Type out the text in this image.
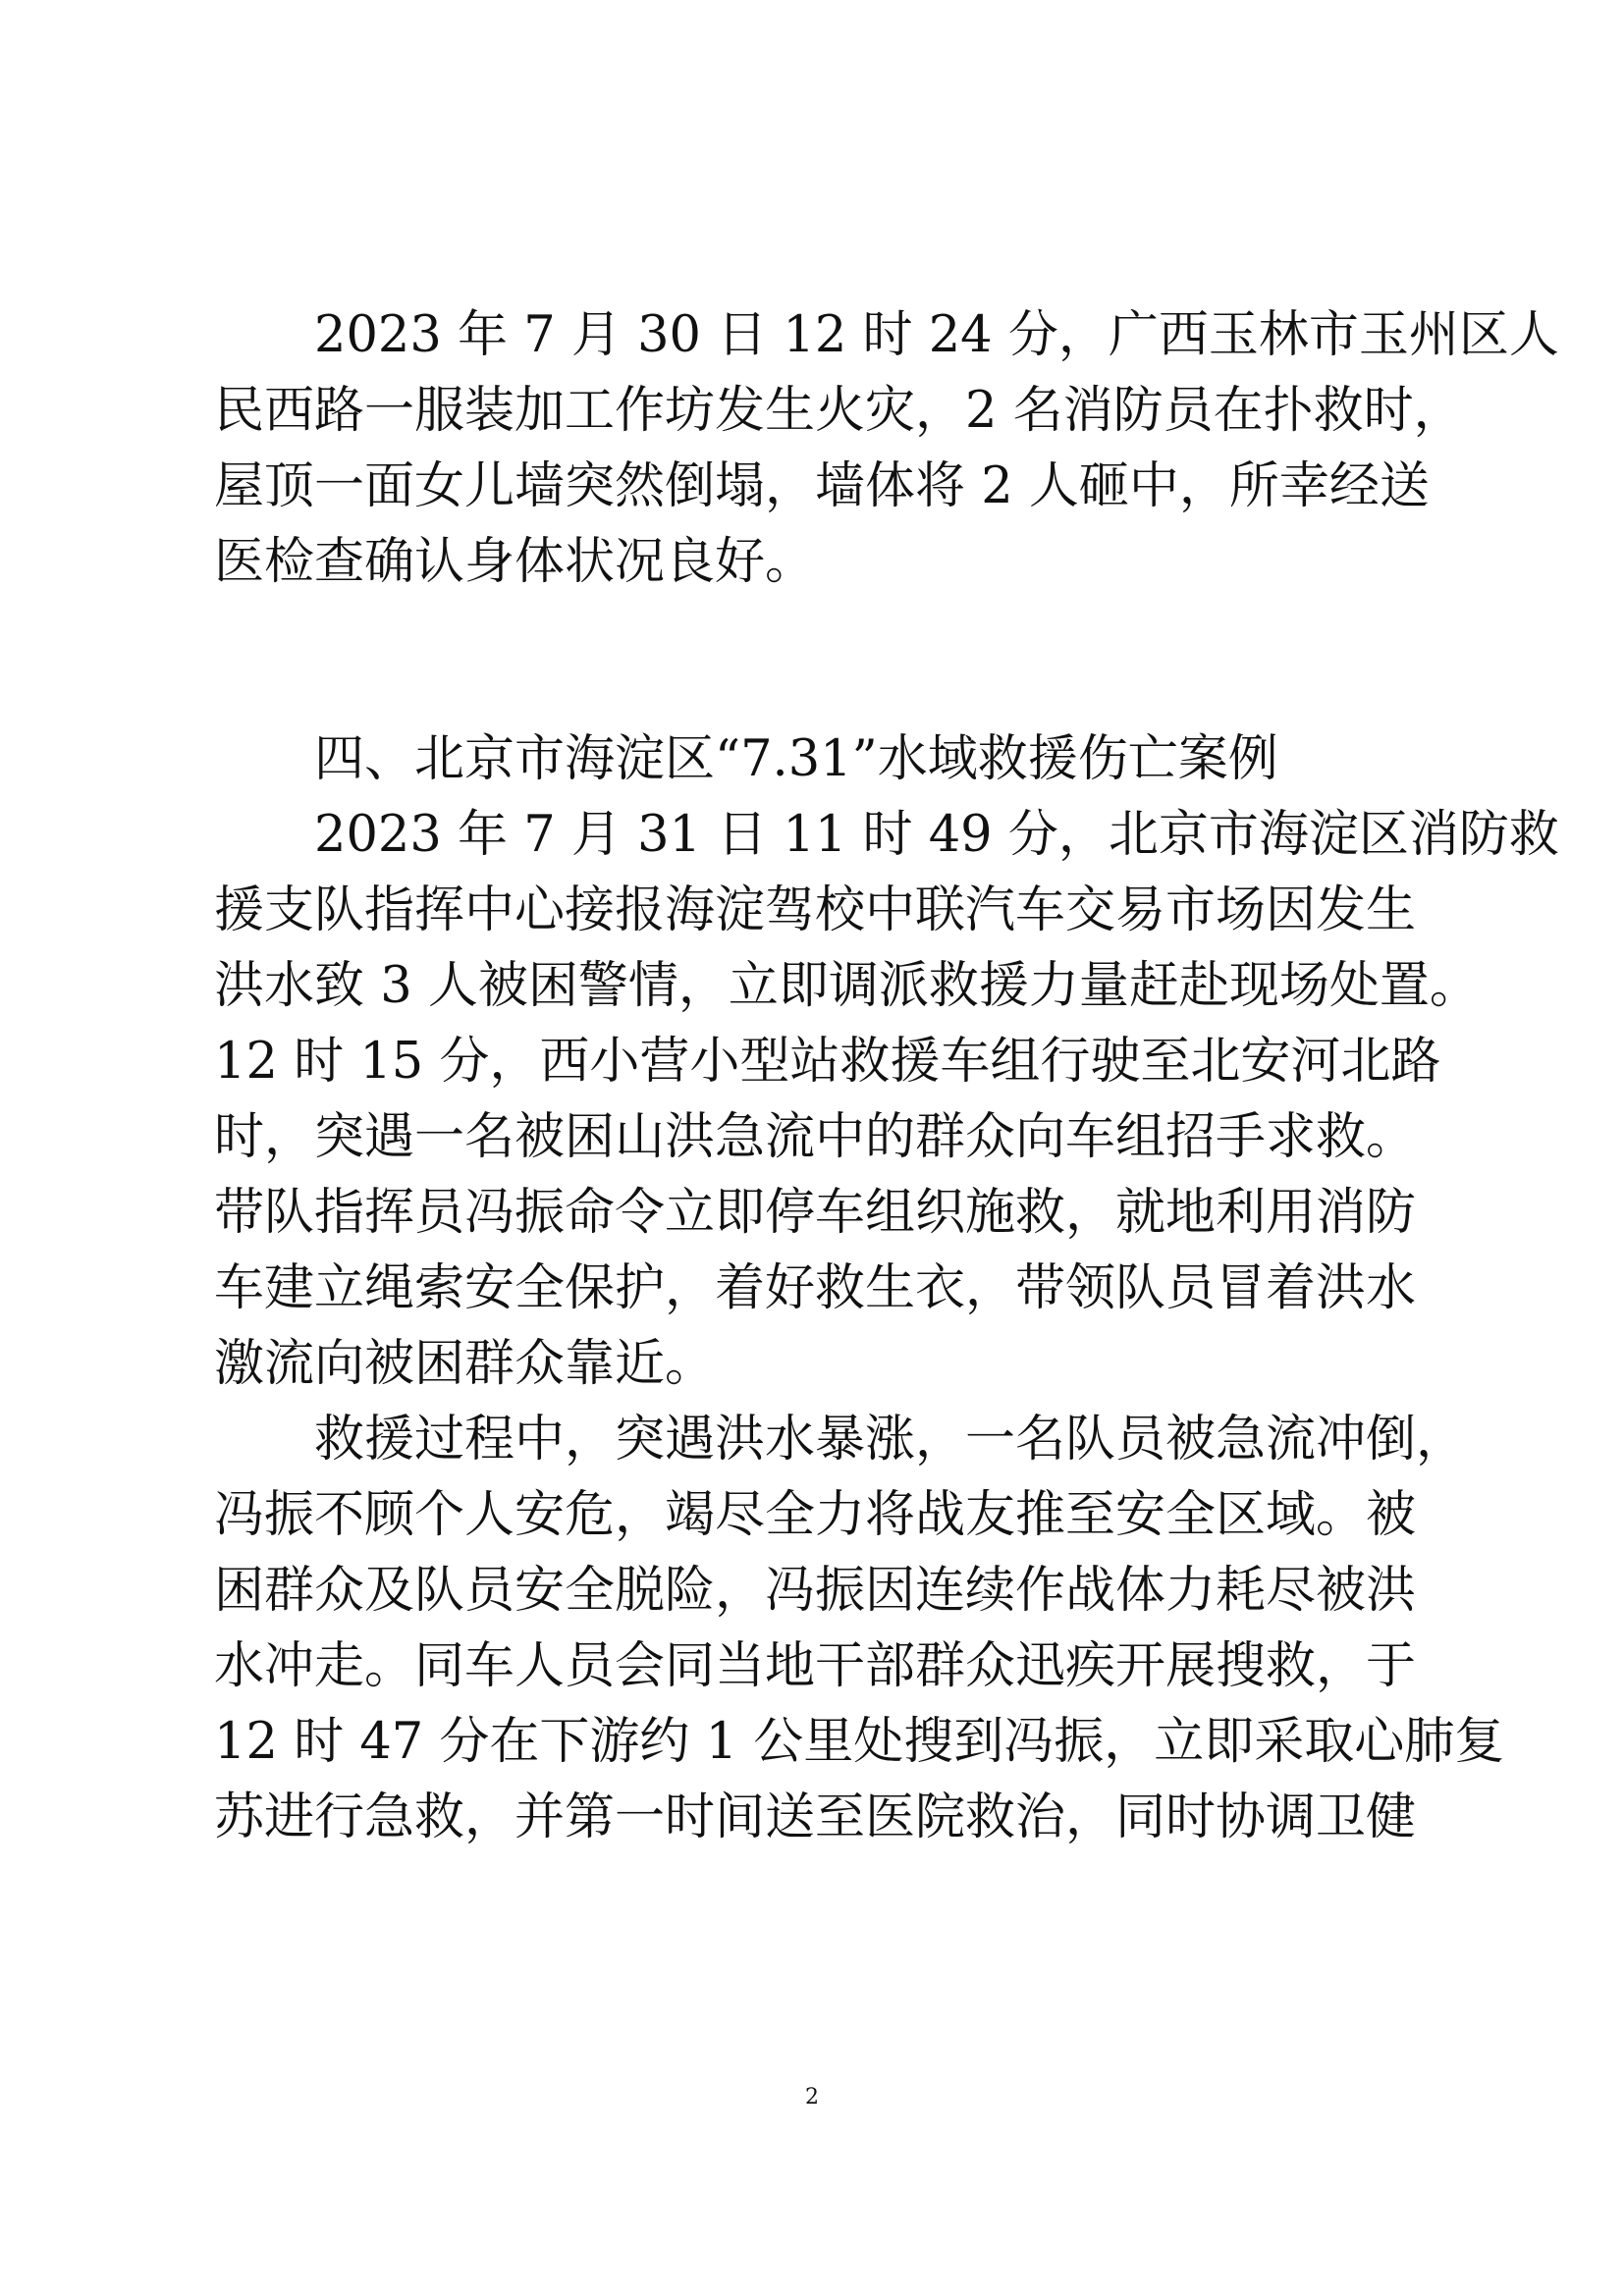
2023 年 7 月 30 日 12 时 24 分，广西玉林市玉州区人

民西路一服装加工作坊发生火灾，2 名消防员在扑救时，

屋顶一面女儿墙突然倒塌，墙体将 2 人砸中，所幸经送

医检查确认身体状况良好。

四、北京市海淀区“7.31”水域救援伤亡案例

2023 年 7 月 31 日 11 时 49 分，北京市海淀区消防救

援支队指挥中心接报海淀驾校中联汽车交易市场因发生

洪水致 3 人被困警情，立即调派救援力量赶赴现场处置。

12 时 15 分，西小营小型站救援车组行驶至北安河北路

时，突遇一名被困山洪急流中的群众向车组招手求救。

带队指挥员冯振命令立即停车组织施救，就地利用消防

车建立绳索安全保护，着好救生衣，带领队员冒着洪水

激流向被困群众靠近。

救援过程中，突遇洪水暴涨，一名队员被急流冲倒，

冯振不顾个人安危，竭尽全力将战友推至安全区域。被

困群众及队员安全脱险，冯振因连续作战体力耗尽被洪

水冲走。同车人员会同当地干部群众迅疾开展搜救，于

12 时 47 分在下游约 1 公里处搜到冯振，立即采取心肺复

苏进行急救，并第一时间送至医院救治，同时协调卫健

2
